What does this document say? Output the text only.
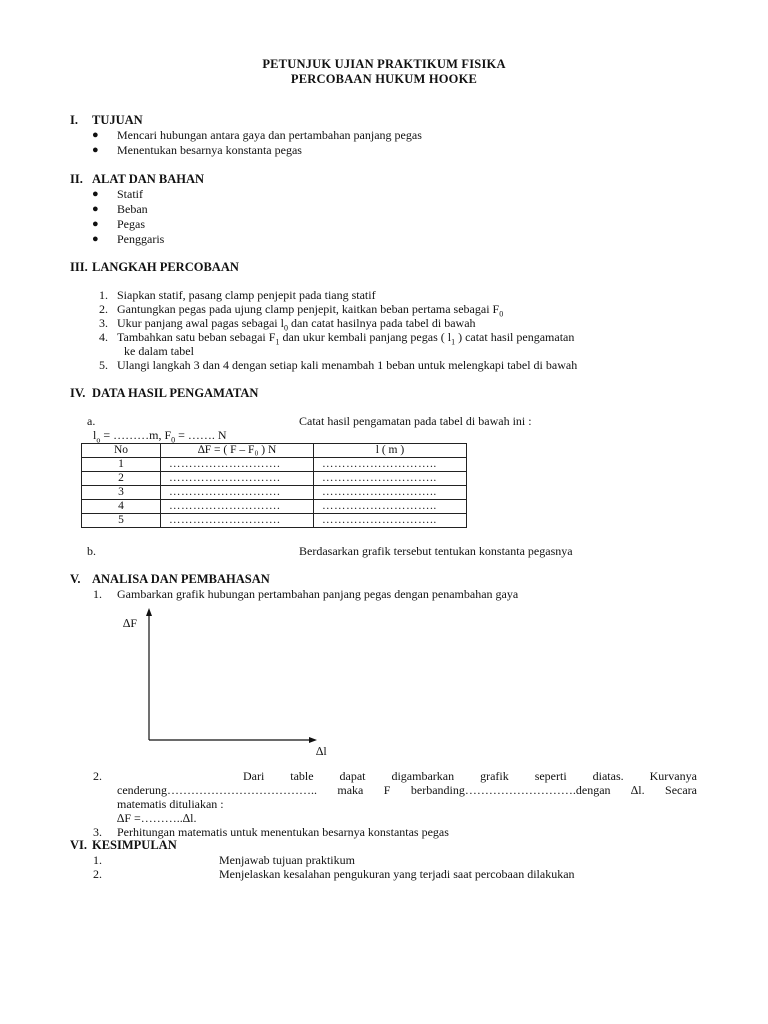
PETUNJUK UJIAN PRAKTIKUM FISIKA
PERCOBAAN HUKUM HOOKE
I. TUJUAN
● Mencari hubungan antara gaya dan pertambahan panjang pegas
● Menentukan besarnya konstanta pegas
II. ALAT DAN BAHAN
● Statif
● Beban
● Pegas
● Penggaris
III. LANGKAH PERCOBAAN
1. Siapkan statif, pasang clamp penjepit pada tiang statif
2. Gantungkan pegas pada ujung clamp penjepit, kaitkan beban pertama sebagai $F_0$
3. Ukur panjang awal pagas sebagai $l_0$ dan catat hasilnya pada tabel di bawah
4. Tambahkan satu beban sebagai $F_1$ dan ukur kembali panjang pegas ( $l_1$ ) catat hasil pengamatan
ke dalam tabel
5. Ulangi langkah 3 dan 4 dengan setiap kali menambah 1 beban untuk melengkapi tabel di bawah
IV. DATA HASIL PENGAMATAN
a.	Catat hasil pengamatan pada tabel di bawah ini :
$l_o$ = ………m, $F_0$ = ……. N
No	∆F = ( F – F₀ ) N	l ( m )
1	……………………….	………………………..
2	……………………….	………………………..
3	……………………….	………………………..
4	……………………….	………………………..
5	……………………….	………………………..
b.	Berdasarkan grafik tersebut tentukan konstanta pegasnya
V. ANALISA DAN PEMBAHASAN
1. Gambarkan grafik hubungan pertambahan panjang pegas dengan penambahan gaya
∆F
∆l
2.	Dari table dapat digambarkan grafik seperti diatas. Kurvanya
cenderung……………………………….. maka F berbanding……………………….dengan ∆l. Secara
matematis dituliakan :
∆F =………..∆l.
3. Perhitungan matematis untuk menentukan besarnya konstantas pegas
VI. KESIMPULAN
1.	Menjawab tujuan praktikum
2.	Menjelaskan kesalahan pengukuran yang terjadi saat percobaan dilakukan
